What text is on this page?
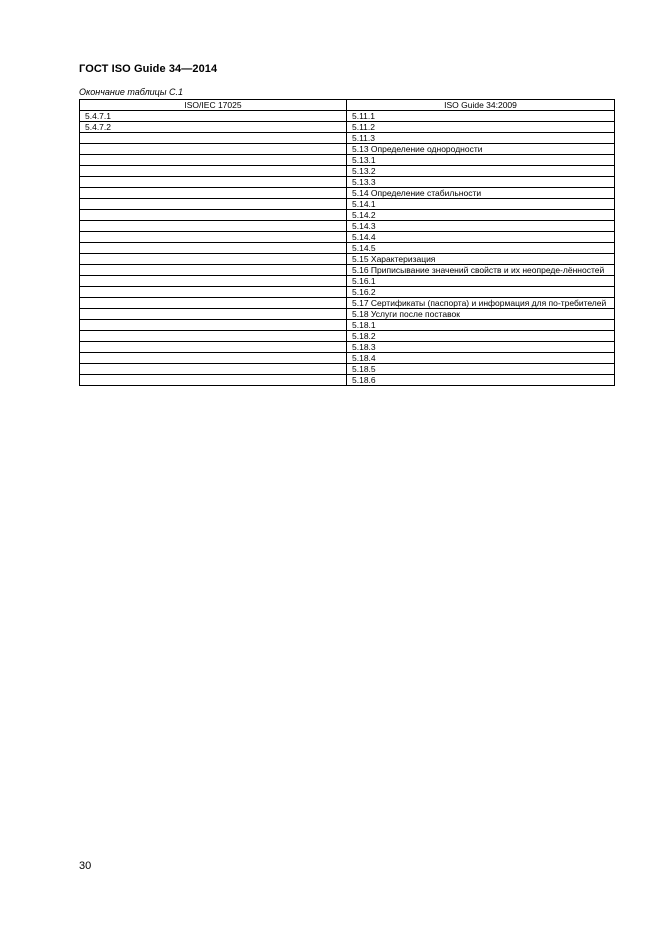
ГОСТ ISO Guide 34—2014
Окончание таблицы С.1
ISO/IEC 17025	ISO Guide 34:2009
5.4.7.1	5.11.1
5.4.7.2	5.11.2
	5.11.3
	5.13 Определение однородности
	5.13.1
	5.13.2
	5.13.3
	5.14 Определение стабильности
	5.14.1
	5.14.2
	5.14.3
	5.14.4
	5.14.5
	5.15 Характеризация
	5.16 Приписывание значений свойств и их неопреде-лённостей
	5.16.1
	5.16.2
	5.17 Сертификаты (паспорта) и информация для по-требителей
	5.18 Услуги после поставок
	5.18.1
	5.18.2
	5.18.3
	5.18.4
	5.18.5
	5.18.6
30
